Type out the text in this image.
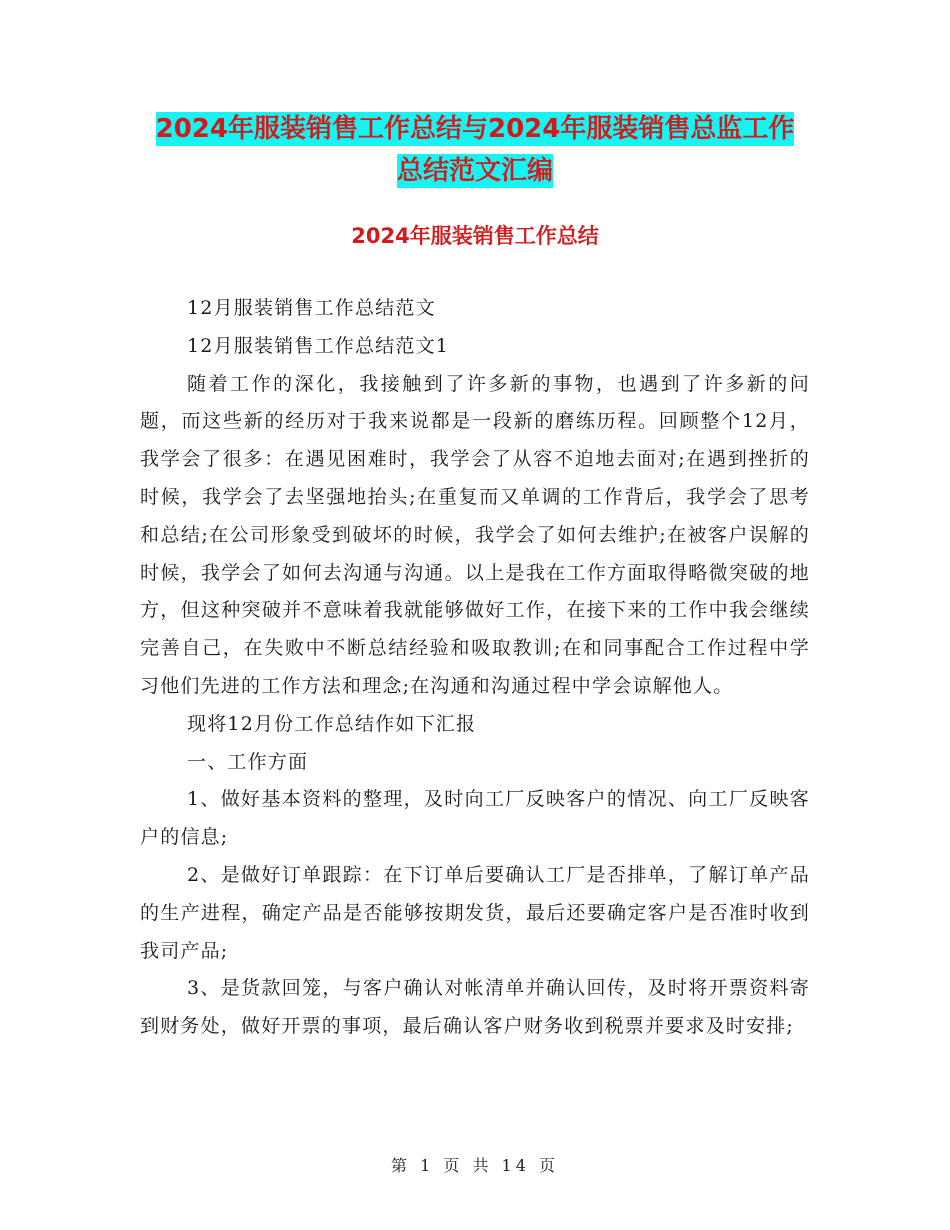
2024年服装销售工作总结与2024年服装销售总监工作
总结范文汇编
2024年服装销售工作总结

12月服装销售工作总结范文

12月服装销售工作总结范文1

随着工作的深化，我接触到了许多新的事物，也遇到了许多新的问题，而这些新的经历对于我来说都是一段新的磨练历程。回顾整个12月，我学会了很多：在遇见困难时，我学会了从容不迫地去面对;在遇到挫折的时候，我学会了去坚强地抬头;在重复而又单调的工作背后，我学会了思考和总结;在公司形象受到破坏的时候，我学会了如何去维护;在被客户误解的时候，我学会了如何去沟通与沟通。以上是我在工作方面取得略微突破的地方，但这种突破并不意味着我就能够做好工作，在接下来的工作中我会继续完善自己，在失败中不断总结经验和吸取教训;在和同事配合工作过程中学习他们先进的工作方法和理念;在沟通和沟通过程中学会谅解他人。

现将12月份工作总结作如下汇报

一、工作方面

1、做好基本资料的整理，及时向工厂反映客户的情况、向工厂反映客户的信息;

2、是做好订单跟踪：在下订单后要确认工厂是否排单，了解订单产品的生产进程，确定产品是否能够按期发货，最后还要确定客户是否准时收到我司产品;

3、是货款回笼，与客户确认对帐清单并确认回传，及时将开票资料寄到财务处，做好开票的事项，最后确认客户财务收到税票并要求及时安排;

第 1 页 共 14 页
